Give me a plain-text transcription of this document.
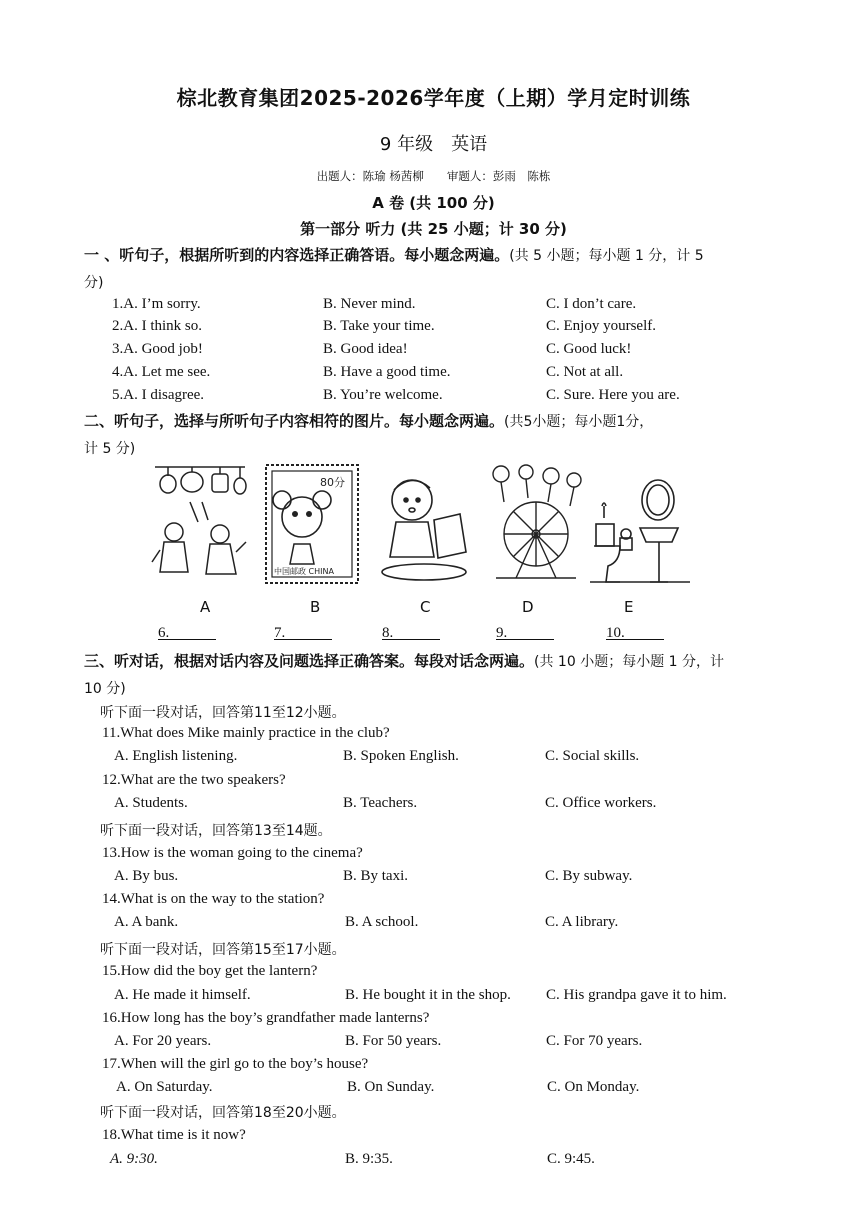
棕北教育集团2025-2026学年度（上期）学月定时训练
9 年级　英语
出题人：陈瑜 杨茜柳　　审题人：彭雨　陈栋
A 卷 (共 100 分)
第一部分 听力 (共 25 小题；计 30 分)
一 、听句子，根据所听到的内容选择正确答语。每小题念两遍。(共 5 小题；每小题 1 分，计 5
分)
1.A. I’m sorry.	B. Never mind.	C. I don’t care.
2.A. I think so.	B. Take your time.	C. Enjoy yourself.
3.A. Good job!	B. Good idea!	C. Good luck!
4.A. Let me see.	B. Have a good time.	C. Not at all.
5.A. I disagree.	B. You’re welcome.	C. Sure. Here you are.
二、听句子，选择与所听句子内容相符的图片。每小题念两遍。(共5小题；每小题1分，
计 5 分)
80分
中国邮政 CHINA
A	B	C	D	E
6.	7.	8.	9.	10.
三、听对话，根据对话内容及问题选择正确答案。每段对话念两遍。(共 10 小题；每小题 1 分，计
10 分)
听下面一段对话，回答第11至12小题。
11.What does Mike mainly practice in the club?
A. English listening.	B. Spoken English.	C. Social skills.
12.What are the two speakers?
A. Students.	B. Teachers.	C. Office workers.
听下面一段对话，回答第13至14题。
13.How is the woman going to the cinema?
A. By bus.	B. By taxi.	C. By subway.
14.What is on the way to the station?
A. A bank.	B. A school.	C. A library.
听下面一段对话，回答第15至17小题。
15.How did the boy get the lantern?
A. He made it himself.	B. He bought it in the shop. C. His grandpa gave it to him.
16.How long has the boy’s grandfather made lanterns?
A. For 20 years.	B. For 50 years.	C. For 70 years.
17.When will the girl go to the boy’s house?
A. On Saturday.	B. On Sunday.	C. On Monday.
听下面一段对话，回答第18至20小题。
18.What time is it now?
A. 9:30.	B. 9:35.	C. 9:45.
